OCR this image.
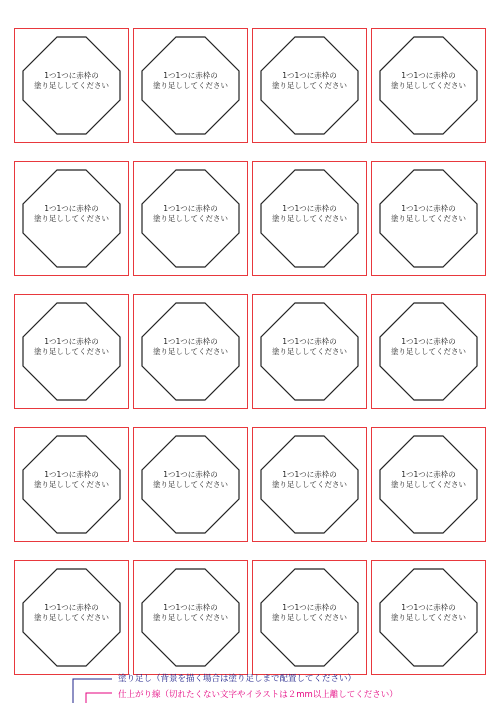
1つ1つに赤枠の
塗り足ししてください
1つ1つに赤枠の
塗り足ししてください
1つ1つに赤枠の
塗り足ししてください
1つ1つに赤枠の
塗り足ししてください
1つ1つに赤枠の
塗り足ししてください
1つ1つに赤枠の
塗り足ししてください
1つ1つに赤枠の
塗り足ししてください
1つ1つに赤枠の
塗り足ししてください
1つ1つに赤枠の
塗り足ししてください
1つ1つに赤枠の
塗り足ししてください
1つ1つに赤枠の
塗り足ししてください
1つ1つに赤枠の
塗り足ししてください
1つ1つに赤枠の
塗り足ししてください
1つ1つに赤枠の
塗り足ししてください
1つ1つに赤枠の
塗り足ししてください
1つ1つに赤枠の
塗り足ししてください
1つ1つに赤枠の
塗り足ししてください
1つ1つに赤枠の
塗り足ししてください
1つ1つに赤枠の
塗り足ししてください
1つ1つに赤枠の
塗り足ししてください
塗り足し（背景を描く場合は塗り足しまで配置してください）
仕上がり線（切れたくない文字やイラストは２mm以上離してください）
